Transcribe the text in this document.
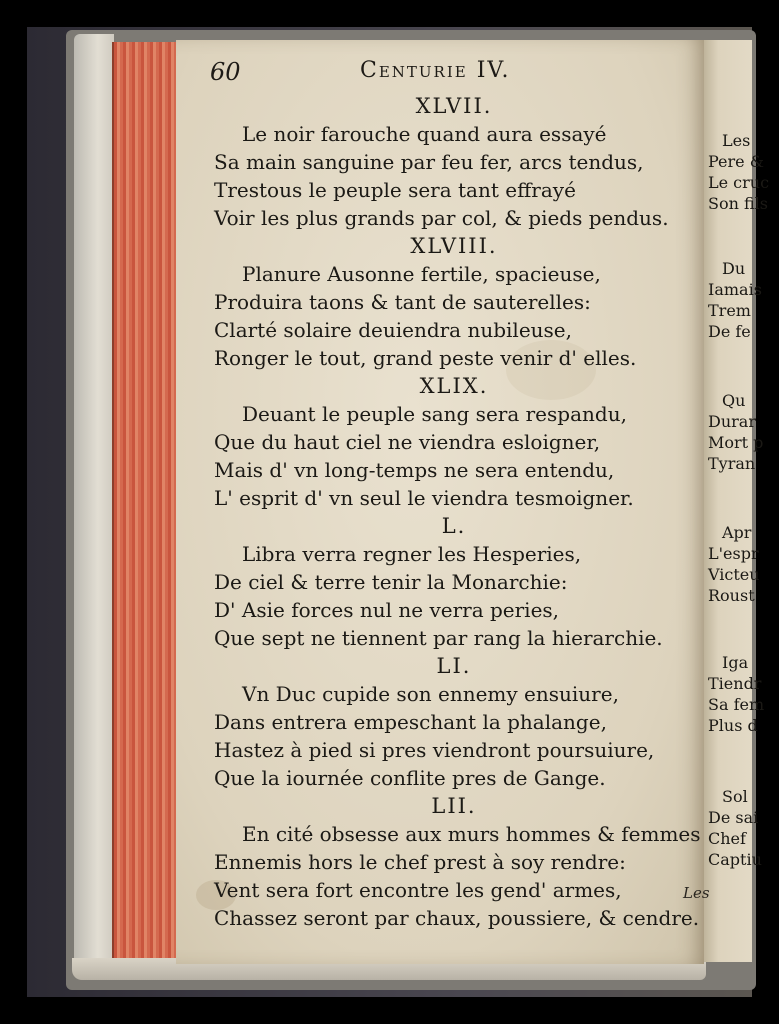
60	Centurie IV.
XLVII.
Le noir farouche quand aura essayé
Sa main sanguine par feu fer, arcs tendus,
Trestous le peuple sera tant effrayé
Voir les plus grands par col, & pieds pendus.
XLVIII.
Planure Ausonne fertile, spacieuse,
Produira taons & tant de sauterelles:
Clarté solaire deuiendra nubileuse,
Ronger le tout, grand peste venir d' elles.
XLIX.
Deuant le peuple sang sera respandu,
Que du haut ciel ne viendra esloigner,
Mais d' vn long-temps ne sera entendu,
L' esprit d' vn seul le viendra tesmoigner.
L.
Libra verra regner les Hesperies,
De ciel & terre tenir la Monarchie:
D' Asie forces nul ne verra peries,
Que sept ne tiennent par rang la hierarchie.
LI.
Vn Duc cupide son ennemy ensuiure,
Dans entrera empeschant la phalange,
Hastez à pied si pres viendront poursuiure,
Que la iournée conflite pres de Gange.
LII.
En cité obsesse aux murs hommes & femmes
Ennemis hors le chef prest à soy rendre:
Vent sera fort encontre les gend' armes,
Chassez seront par chaux, poussiere, & cendre.
Les
Les
Pere &
Le cruc
Son fils
Du
Iamais
Trem
De fe
Qu
Durar
Mort p
Tyran
Apr
L'espr
Victeu
Roust
Iga
Tiendr
Sa fem
Plus d
Sol
De sai
Chef
Captiu
